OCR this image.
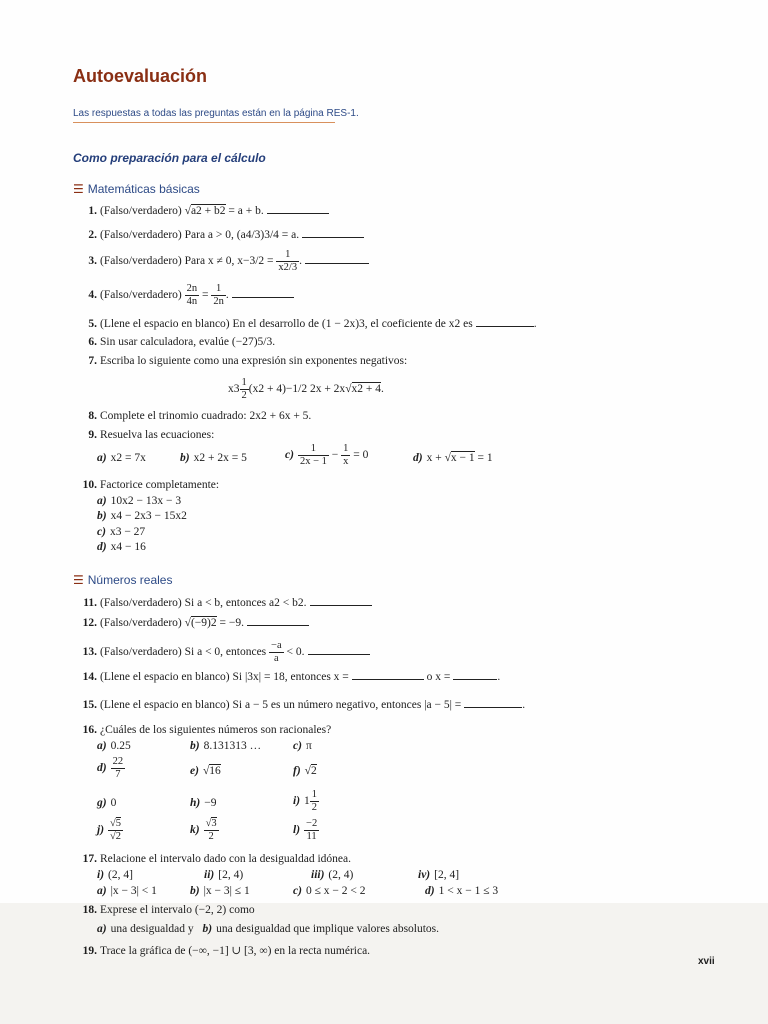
Autoevaluación
Las respuestas a todas las preguntas están en la página RES-1.
Como preparación para el cálculo
☰ Matemáticas básicas
1. (Falso/verdadero) √a2 + b2 = a + b.
2. (Falso/verdadero) Para a > 0, (a4/3)3/4 = a.
3. (Falso/verdadero) Para x ≠ 0, $x-3/2 = \frac{1}{x2/3}$ .
4. (Falso/verdadero) $\frac{2n}{4n} = \frac{1}{2n}$ .
5. (Llene el espacio en blanco) En el desarrollo de (1 − 2x)3, el coeficiente de x2 es	.
6. Sin usar calculadora, evalúe (−27)5/3.
7. Escriba lo siguiente como una expresión sin exponentes negativos:
$x3 \frac{1}{2} (x2 + 4)-1/2$ 2x + 2x√x2 + 4.
8. Complete el trinomio cuadrado: 2x2 + 6x + 5.
9. Resuelva las ecuaciones:
a) x2 = 7x	b) x2 + 2x = 5	$c) \frac{1}{2x - 1} - \frac{1}{x} = 0$	d) x + √x − 1 = 1
10. Factorice completamente:
a) 10x2 − 13x − 3
b) x4 − 2x3 − 15x2
c) x3 − 27
d) x4 − 16
☰ Números reales
11. (Falso/verdadero) Si a < b, entonces a2 < b2.
12. (Falso/verdadero) √(−9)2 = −9.
13. (Falso/verdadero) Si a < 0, entonces $\frac{-a}{a} < 0$.
14. (Llene el espacio en blanco) Si |3x| = 18, entonces x =	o x =	.
15. (Llene el espacio en blanco) Si a − 5 es un número negativo, entonces |a − 5| =	.
16. ¿Cuáles de los siguientes números son racionales?
a) 0.25	b) 8.131313 …	c) π
$d) \frac{22}{7}$	e) √16	f) √2
g) 0	h) −9	i) $1 \frac{1}{2}$
$j) \frac{√5}{√2}$	$k) \frac{√3}{2}$	$l) \frac{-2}{11}$
17. Relacione el intervalo dado con la desigualdad idónea.
i) (2, 4]	ii) [2, 4)	iii) (2, 4)	iv) [2, 4]
a) |x − 3| < 1	b) |x − 3| ≤ 1	c) 0 ≤ x − 2 < 2	d) 1 < x − 1 ≤ 3
18. Exprese el intervalo (−2, 2) como
a) una desigualdad y b) una desigualdad que implique valores absolutos.
19. Trace la gráfica de (−∞, −1] ∪ [3, ∞) en la recta numérica.
xvii
